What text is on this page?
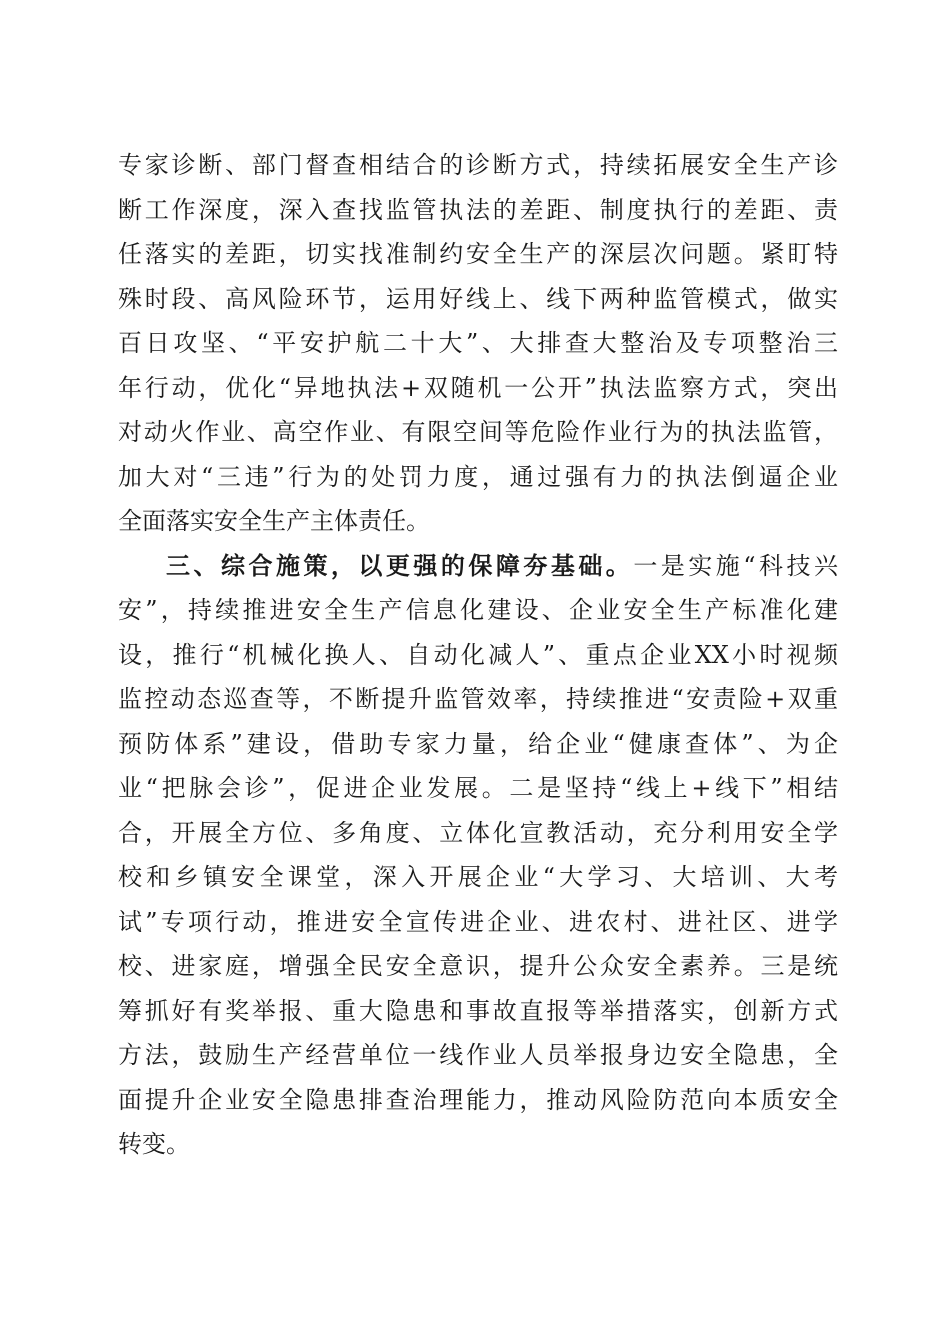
专家诊断、部门督查相结合的诊断方式，持续拓展安全生产诊
断工作深度，深入查找监管执法的差距、制度执行的差距、责
任落实的差距，切实找准制约安全生产的深层次问题。紧盯特
殊时段、高风险环节，运用好线上、线下两种监管模式，做实
百日攻坚、“平安护航二十大”、大排查大整治及专项整治三
年行动，优化“异地执法+双随机一公开”执法监察方式，突出
对动火作业、高空作业、有限空间等危险作业行为的执法监管，
加大对“三违”行为的处罚力度，通过强有力的执法倒逼企业
全面落实安全生产主体责任。
三、综合施策，以更强的保障夯基础。一是实施“科技兴
安”，持续推进安全生产信息化建设、企业安全生产标准化建
设，推行“机械化换人、自动化减人”、重点企业XX小时视频
监控动态巡查等，不断提升监管效率，持续推进“安责险+双重
预防体系”建设，借助专家力量，给企业“健康查体”、为企
业“把脉会诊”，促进企业发展。二是坚持“线上+线下”相结
合，开展全方位、多角度、立体化宣教活动，充分利用安全学
校和乡镇安全课堂，深入开展企业“大学习、大培训、大考
试”专项行动，推进安全宣传进企业、进农村、进社区、进学
校、进家庭，增强全民安全意识，提升公众安全素养。三是统
筹抓好有奖举报、重大隐患和事故直报等举措落实，创新方式
方法，鼓励生产经营单位一线作业人员举报身边安全隐患，全
面提升企业安全隐患排查治理能力，推动风险防范向本质安全
转变。
